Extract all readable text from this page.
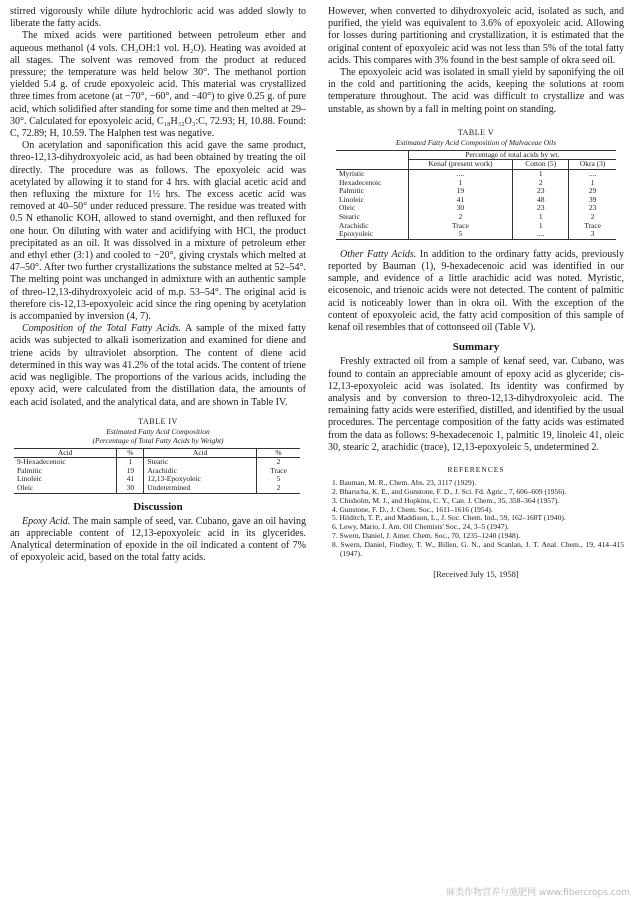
stirred vigorously while dilute hydrochloric acid was added slowly to liberate the fatty acids.

The mixed acids were partitioned between petroleum ether and aqueous methanol (4 vols. CH₃OH:1 vol. H₂O). Heating was avoided at all stages. The solvent was removed from the product at reduced pressure; the temperature was held below 30°. The methanol portion yielded 5.4 g. of crude epoxyoleic acid. This material was crystallized three times from acetone (at −70°, −60°, and −40°) to give 0.25 g. of pure acid, which solidified after standing for some time and then melted at 29–30°. Calculated for epoxyoleic acid, C₁₈H₃₂O₃:C, 72.93; H, 10.88. Found: C, 72.89; H, 10.59. The Halphen test was negative.

On acetylation and saponification this acid gave the same product, threo-12,13-dihydroxyoleic acid, as had been obtained by treating the oil directly. The procedure was as follows. The epoxyoleic acid was acetylated by allowing it to stand for 4 hrs. with glacial acetic acid and then refluxing the mixture for 1½ hrs. The excess acetic acid was removed at 40–50° under reduced pressure. The residue was treated with 0.5 N ethanolic KOH, allowed to stand overnight, and then refluxed for one hour. On diluting with water and acidifying with HCl, the product precipitated as an oil. It was dissolved in a mixture of petroleum ether and ethyl ether (3:1) and cooled to −20°, giving crystals which melted at 47–50°. After two further crystallizations the substance melted at 52–54°. The melting point was unchanged in admixture with an authentic sample of threo-12,13-dihydroxyoleic acid of m.p. 53–54°. The original acid is therefore cis-12,13-epoxyoleic acid since the ring opening by acetylation is accompanied by inversion (4, 7).

Composition of the Total Fatty Acids. A sample of the mixed fatty acids was subjected to alkali isomerization and examined for diene and triene acids by ultraviolet absorption. The content of diene acid determined in this way was 41.2% of the total acids. The content of triene acid was negligible. The proportions of the various acids, including the epoxy acid, were calculated from the distillation data, the amounts of each acid isolated, and the analytical data, and are shown in Table IV.

TABLE IV
Estimated Fatty Acid Composition
(Percentage of Total Fatty Acids by Weight)
Acid	%	Acid	%
9-Hexadecenoic	1	Stearic	2
Palmitic	19	Arachidic	Trace
Linoleic	41	12,13-Epoxyoleic	5
Oleic	30	Undetermined	2
Discussion

Epoxy Acid. The main sample of seed, var. Cubano, gave an oil having an appreciable content of 12,13-epoxyoleic acid in its glycerides. Analytical determination of epoxide in the oil indicated a content of 7% of epoxyoleic acid, based on the total fatty acids.

However, when converted to dihydroxyoleic acid, isolated as such, and purified, the yield was equivalent to 3.6% of epoxyoleic acid. Allowing for losses during partitioning and crystallization, it is estimated that the original content of epoxyoleic acid was not less than 5% of the total fatty acids. This compares with 3% found in the best sample of okra seed oil.

The epoxyoleic acid was isolated in small yield by saponifying the oil in the cold and partitioning the acids, keeping the solutions at room temperature throughout. The acid was difficult to crystallize and was unstable, as shown by a fall in melting point on standing.

TABLE V
Estimated Fatty Acid Composition of Malvaceae Oils
	Percentage of total acids by wt.		
	Kenaf (present work)	Cotton (5)	Okra (3)
Myristic	....	1	....
Hexadecenoic	1	2	1
Palmitic	19	23	29
Linoleic	41	48	39
Oleic	30	23	23
Stearic	2	1	2
Arachidic	Trace	1	Trace
Epoxyoleic	5	....	3

Other Fatty Acids. In addition to the ordinary fatty acids, previously reported by Bauman (1), 9-hexadecenoic acid was identified in our sample, and evidence of a little arachidic acid was noted. Myristic, eicosenoic, and trienoic acids were not detected. The content of palmitic acid is noticeably lower than in okra oil. With the exception of the content of epoxyoleic acid, the fatty acid composition of this sample of kenaf oil resembles that of cottonseed oil (Table V).

Summary

Freshly extracted oil from a sample of kenaf seed, var. Cubano, was found to contain an appreciable amount of epoxy acid as glyceride; cis-12,13-epoxyoleic acid was isolated. Its identity was confirmed by analysis and by conversion to threo-12,13-dihydroxyoleic acid. The remaining fatty acids were esterified, distilled, and identified by the usual procedures. The percentage composition of the fatty acids was estimated from the data as follows: 9-hexadecenoic 1, palmitic 19, linoleic 41, oleic 30, stearic 2, arachidic (trace), 12,13-epoxyoleic 5, undetermined 2.

REFERENCES
1. Bauman, M. R., Chem. Abs. 23, 3117 (1929).
2. Bharucha, K. E., and Gunstone, F. D., J. Sci. Fd. Agric., 7, 606–609 (1956).
3. Chisholm, M. J., and Hopkins, C. Y., Can. J. Chem., 35, 358–364 (1957).
4. Gunstone, F. D., J. Chem. Soc., 1611–1616 (1954).
5. Hilditch, T. P., and Maddison, L., J. Soc. Chem. Ind., 59, 162–168T (1940).
6. Lewy, Mario, J. Am. Oil Chemists' Soc., 24, 3–5 (1947).
7. Swern, Daniel, J. Amer. Chem. Soc., 70, 1235–1240 (1948).
8. Swern, Daniel, Findley, T. W., Billen, G. N., and Scanlan, J. T. Anal. Chem., 19, 414–415 (1947).
[Received July 15, 1958]
麻类作物营养与施肥网 www.fibercrops.com
